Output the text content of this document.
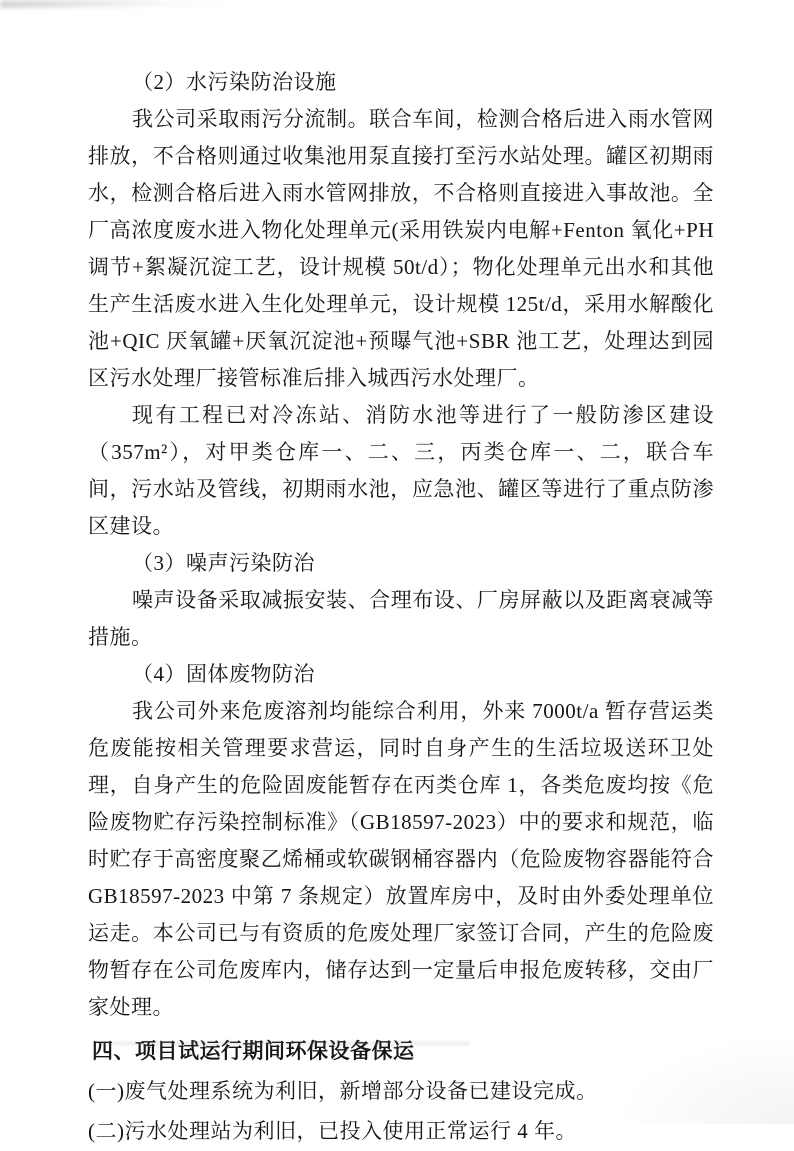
（2）水污染防治设施

我公司采取雨污分流制。联合车间，检测合格后进入雨水管网排放，不合格则通过收集池用泵直接打至污水站处理。罐区初期雨水，检测合格后进入雨水管网排放，不合格则直接进入事故池。全厂高浓度废水进入物化处理单元(采用铁炭内电解+Fenton 氧化+PH 调节+絮凝沉淀工艺，设计规模 50t/d）；物化处理单元出水和其他生产生活废水进入生化处理单元，设计规模 125t/d，采用水解酸化池+QIC 厌氧罐+厌氧沉淀池+预曝气池+SBR 池工艺，处理达到园区污水处理厂接管标准后排入城西污水处理厂。

现有工程已对冷冻站、消防水池等进行了一般防渗区建设（357m²），对甲类仓库一、二、三，丙类仓库一、二，联合车间，污水站及管线，初期雨水池，应急池、罐区等进行了重点防渗区建设。

（3）噪声污染防治

噪声设备采取减振安装、合理布设、厂房屏蔽以及距离衰减等措施。

（4）固体废物防治

我公司外来危废溶剂均能综合利用，外来 7000t/a 暂存营运类危废能按相关管理要求营运，同时自身产生的生活垃圾送环卫处理，自身产生的危险固废能暂存在丙类仓库 1，各类危废均按《危险废物贮存污染控制标准》（GB18597-2023）中的要求和规范，临时贮存于高密度聚乙烯桶或软碳钢桶容器内（危险废物容器能符合 GB18597-2023 中第 7 条规定）放置库房中，及时由外委处理单位运走。本公司已与有资质的危废处理厂家签订合同，产生的危险废物暂存在公司危废库内，储存达到一定量后申报危废转移，交由厂家处理。

四、项目试运行期间环保设备保运

(一)废气处理系统为利旧，新增部分设备已建设完成。

(二)污水处理站为利旧，已投入使用正常运行 4 年。
